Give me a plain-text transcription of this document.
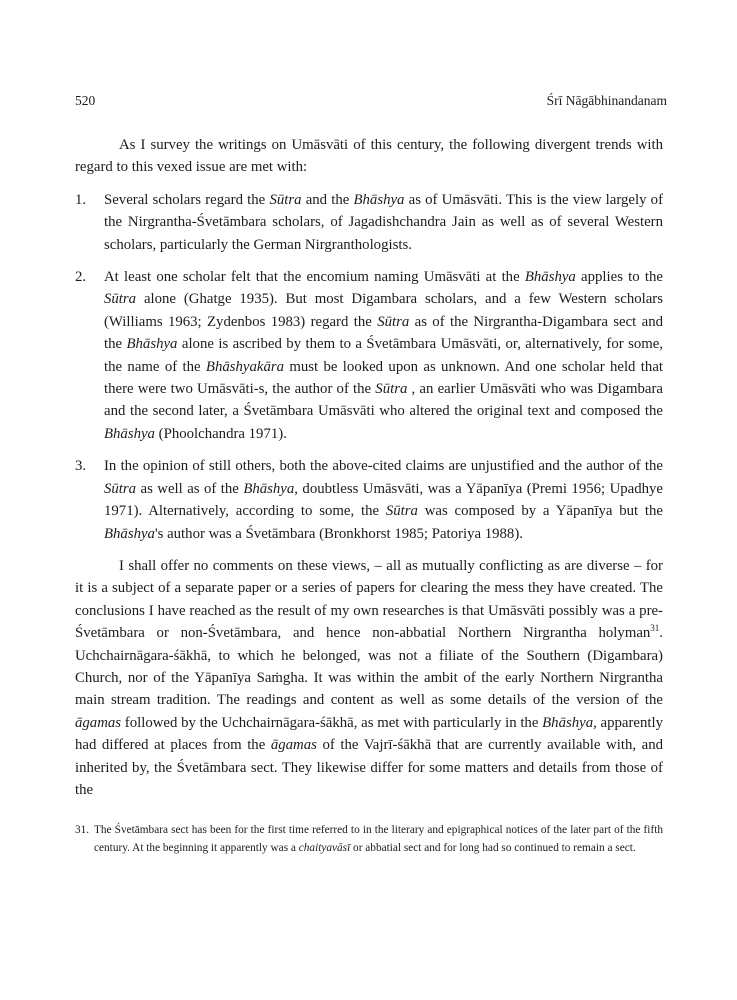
520	Śrī Nāgābhinandanam

As I survey the writings on Umāsvāti of this century, the following divergent trends with regard to this vexed issue are met with:

1. Several scholars regard the Sūtra and the Bhāshya as of Umāsvāti. This is the view largely of the Nirgrantha-Śvetāmbara scholars, of Jagadishchandra Jain as well as of several Western scholars, particularly the German Nirgranthologists.
2. At least one scholar felt that the encomium naming Umāsvāti at the Bhāshya applies to the Sūtra alone (Ghatge 1935). But most Digambara scholars, and a few Western scholars (Williams 1963; Zydenbos 1983) regard the Sūtra as of the Nirgrantha-Digambara sect and the Bhāshya alone is ascribed by them to a Śvetāmbara Umāsvāti, or, alternatively, for some, the name of the Bhāshyakāra must be looked upon as unknown. And one scholar held that there were two Umāsvāti-s, the author of the Sūtra , an earlier Umāsvāti who was Digambara and the second later, a Śvetāmbara Umāsvāti who altered the original text and composed the Bhāshya (Phoolchandra 1971).
3. In the opinion of still others, both the above-cited claims are unjustified and the author of the Sūtra as well as of the Bhāshya, doubtless Umāsvāti, was a Yāpanīya (Premi 1956; Upadhye 1971). Alternatively, according to some, the Sūtra was composed by a Yāpanīya but the Bhāshya's author was a Śvetāmbara (Bronkhorst 1985; Patoriya 1988).

I shall offer no comments on these views, – all as mutually conflicting as are diverse – for it is a subject of a separate paper or a series of papers for clearing the mess they have created. The conclusions I have reached as the result of my own researches is that Umāsvāti possibly was a pre-Śvetāmbara or non-Śvetāmbara, and hence non-abbatial Northern Nirgrantha holyman$^{31}$. Uchchairnāgara-śākhā, to which he belonged, was not a filiate of the Southern (Digambara) Church, nor of the Yāpanīya Saṁgha. It was within the ambit of the early Northern Nirgrantha main stream tradition. The readings and content as well as some details of the version of the āgamas followed by the Uchchairnāgara-śākhā, as met with particularly in the Bhāshya, apparently had differed at places from the āgamas of the Vajrī-śākhā that are currently available with, and inherited by, the Śvetāmbara sect. They likewise differ for some matters and details from those of the

31. The Śvetāmbara sect has been for the first time referred to in the literary and epigraphical notices of the later part of the fifth century. At the beginning it apparently was a chaityavāsī or abbatial sect and for long had so continued to remain a sect.
